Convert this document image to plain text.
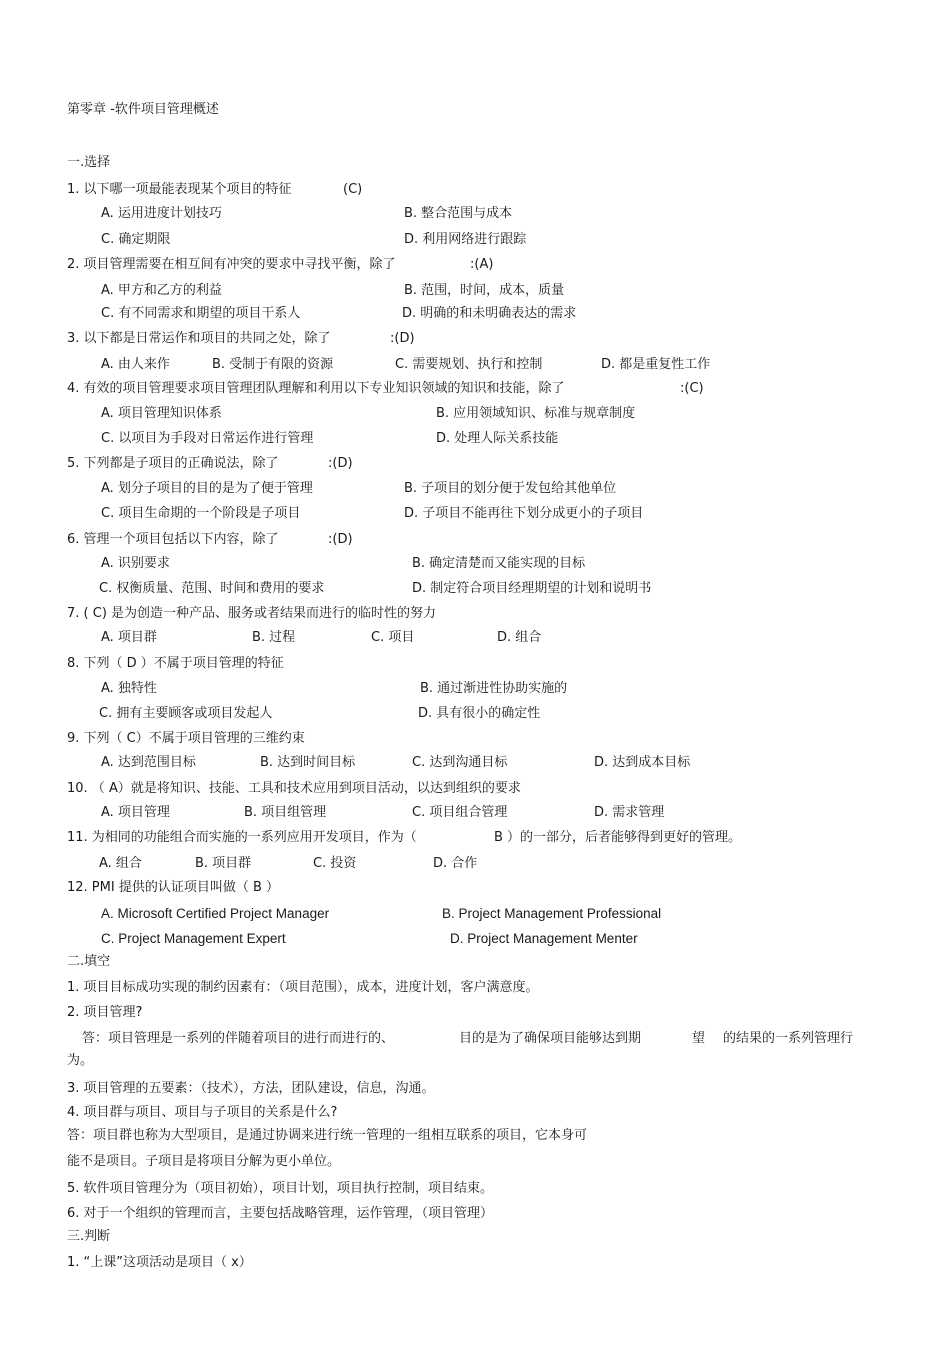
第零章 -软件项目管理概述
一.选择
1. 以下哪一项最能表现某个项目的特征	(C)
A. 运用进度计划技巧	B. 整合范围与成本
C. 确定期限	D. 利用网络进行跟踪
2. 项目管理需要在相互间有冲突的要求中寻找平衡，除了	:(A)
A. 甲方和乙方的利益	B. 范围，时间，成本，质量
C. 有不同需求和期望的项目干系人	D. 明确的和未明确表达的需求
3. 以下都是日常运作和项目的共同之处，除了	:(D)
A. 由人来作	B. 受制于有限的资源	C. 需要规划、执行和控制	D. 都是重复性工作
4. 有效的项目管理要求项目管理团队理解和利用以下专业知识领域的知识和技能，除了	:(C)
A. 项目管理知识体系	B. 应用领域知识、标准与规章制度
C. 以项目为手段对日常运作进行管理	D. 处理人际关系技能
5. 下列都是子项目的正确说法，除了	:(D)
A. 划分子项目的目的是为了便于管理	B. 子项目的划分便于发包给其他单位
C. 项目生命期的一个阶段是子项目	D. 子项目不能再往下划分成更小的子项目
6. 管理一个项目包括以下内容，除了	:(D)
A. 识别要求	B. 确定清楚而又能实现的目标
C. 权衡质量、范围、时间和费用的要求	D. 制定符合项目经理期望的计划和说明书
7. ( C) 是为创造一种产品、服务或者结果而进行的临时性的努力
A. 项目群	B. 过程	C. 项目	D. 组合
8. 下列（ D ）不属于项目管理的特征
A. 独特性	B. 通过渐进性协助实施的
C. 拥有主要顾客或项目发起人	D. 具有很小的确定性
9. 下列（ C）不属于项目管理的三维约束
A. 达到范围目标	B. 达到时间目标	C. 达到沟通目标	D. 达到成本目标
10. （ A）就是将知识、技能、工具和技术应用到项目活动，以达到组织的要求
A. 项目管理	B. 项目组管理	C. 项目组合管理	D. 需求管理
11. 为相同的功能组合而实施的一系列应用开发项目，作为（	B ）的一部分，后者能够得到更好的管理。
A. 组合	B. 项目群	C. 投资	D. 合作
12. PMI 提供的认证项目叫做（ B ）
A. Microsoft Certified Project Manager	B. Project Management Professional
C. Project Management Expert	D. Project Management Menter
二.填空
1. 项目目标成功实现的制约因素有：（项目范围），成本，进度计划，客户满意度。
2. 项目管理?
答：项目管理是一系列的伴随着项目的进行而进行的、	目的是为了确保项目能够达到期	望 的结果的一系列管理行
为。
3. 项目管理的五要素：（技术），方法，团队建设，信息，沟通。
4. 项目群与项目、项目与子项目的关系是什么?
答：项目群也称为大型项目，是通过协调来进行统一管理的一组相互联系的项目，它本身可
能不是项目。子项目是将项目分解为更小单位。
5. 软件项目管理分为（项目初始），项目计划，项目执行控制，项目结束。
6. 对于一个组织的管理而言，主要包括战略管理，运作管理，（项目管理）
三.判断
1. “上课”这项活动是项目（ x）
